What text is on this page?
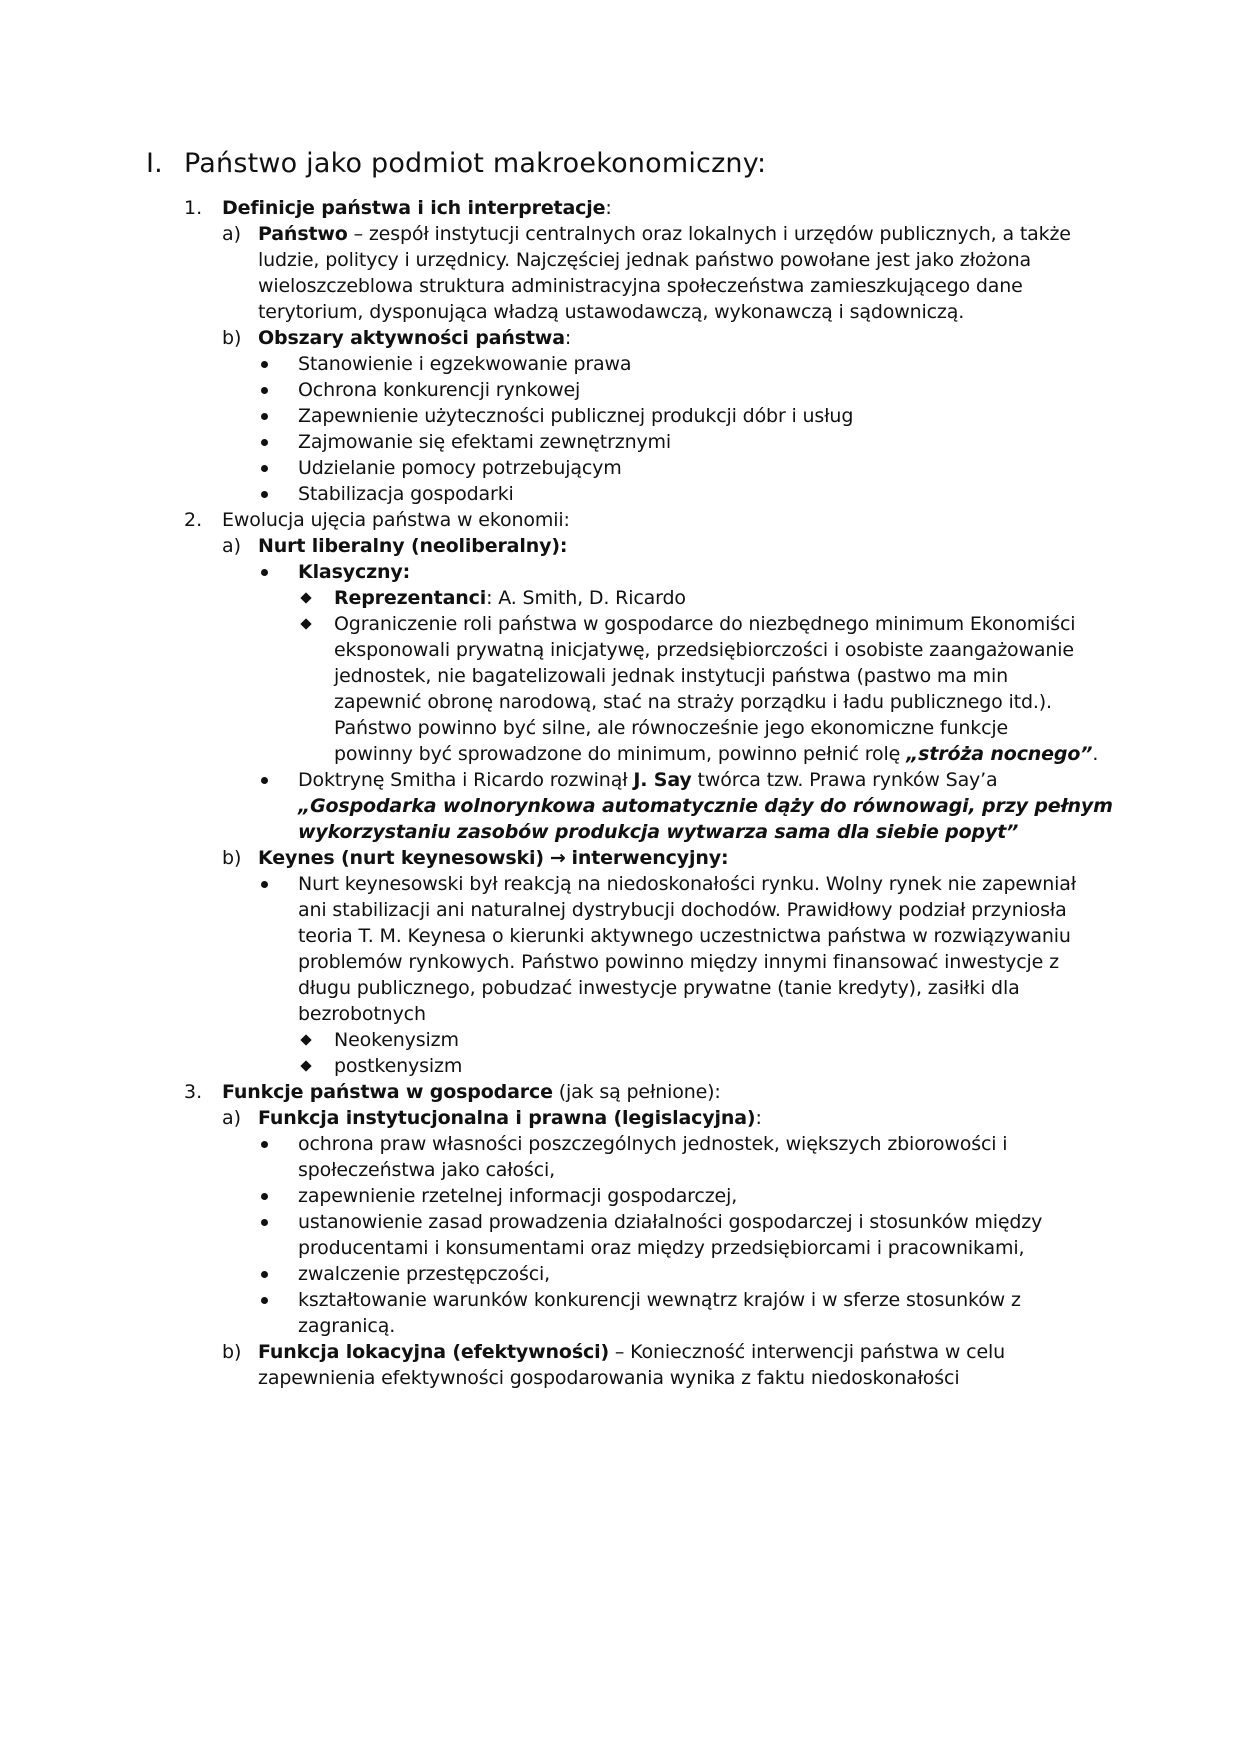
I. Państwo jako podmiot makroekonomiczny:
1. Definicje państwa i ich interpretacje:
a) Państwo – zespół instytucji centralnych oraz lokalnych i urzędów publicznych, a także
ludzie, politycy i urzędnicy. Najczęściej jednak państwo powołane jest jako złożona
wieloszczeblowa struktura administracyjna społeczeństwa zamieszkującego dane
terytorium, dysponująca władzą ustawodawczą, wykonawczą i sądowniczą.
b) Obszary aktywności państwa:
Stanowienie i egzekwowanie prawa
Ochrona konkurencji rynkowej
Zapewnienie użyteczności publicznej produkcji dóbr i usług
Zajmowanie się efektami zewnętrznymi
Udzielanie pomocy potrzebującym
Stabilizacja gospodarki
2. Ewolucja ujęcia państwa w ekonomii:
a) Nurt liberalny (neoliberalny):
Klasyczny:
Reprezentanci: A. Smith, D. Ricardo
Ograniczenie roli państwa w gospodarce do niezbędnego minimum Ekonomiści
eksponowali prywatną inicjatywę, przedsiębiorczości i osobiste zaangażowanie
jednostek, nie bagatelizowali jednak instytucji państwa (pastwo ma min
zapewnić obronę narodową, stać na straży porządku i ładu publicznego itd.).
Państwo powinno być silne, ale równocześnie jego ekonomiczne funkcje
powinny być sprowadzone do minimum, powinno pełnić rolę „stróża nocnego”.
Doktrynę Smitha i Ricardo rozwinął J. Say twórca tzw. Prawa rynków Say’a
„Gospodarka wolnorynkowa automatycznie dąży do równowagi, przy pełnym
wykorzystaniu zasobów produkcja wytwarza sama dla siebie popyt”
b) Keynes (nurt keynesowski) → interwencyjny:
Nurt keynesowski był reakcją na niedoskonałości rynku. Wolny rynek nie zapewniał
ani stabilizacji ani naturalnej dystrybucji dochodów. Prawidłowy podział przyniosła
teoria T. M. Keynesa o kierunki aktywnego uczestnictwa państwa w rozwiązywaniu
problemów rynkowych. Państwo powinno między innymi finansować inwestycje z
długu publicznego, pobudzać inwestycje prywatne (tanie kredyty), zasiłki dla
bezrobotnych
Neokenysizm
postkenysizm
3. Funkcje państwa w gospodarce (jak są pełnione):
a) Funkcja instytucjonalna i prawna (legislacyjna):
ochrona praw własności poszczególnych jednostek, większych zbiorowości i
społeczeństwa jako całości,
zapewnienie rzetelnej informacji gospodarczej,
ustanowienie zasad prowadzenia działalności gospodarczej i stosunków między
producentami i konsumentami oraz między przedsiębiorcami i pracownikami,
zwalczenie przestępczości,
kształtowanie warunków konkurencji wewnątrz krajów i w sferze stosunków z
zagranicą.
b) Funkcja lokacyjna (efektywności) – Konieczność interwencji państwa w celu
zapewnienia efektywności gospodarowania wynika z faktu niedoskonałości
